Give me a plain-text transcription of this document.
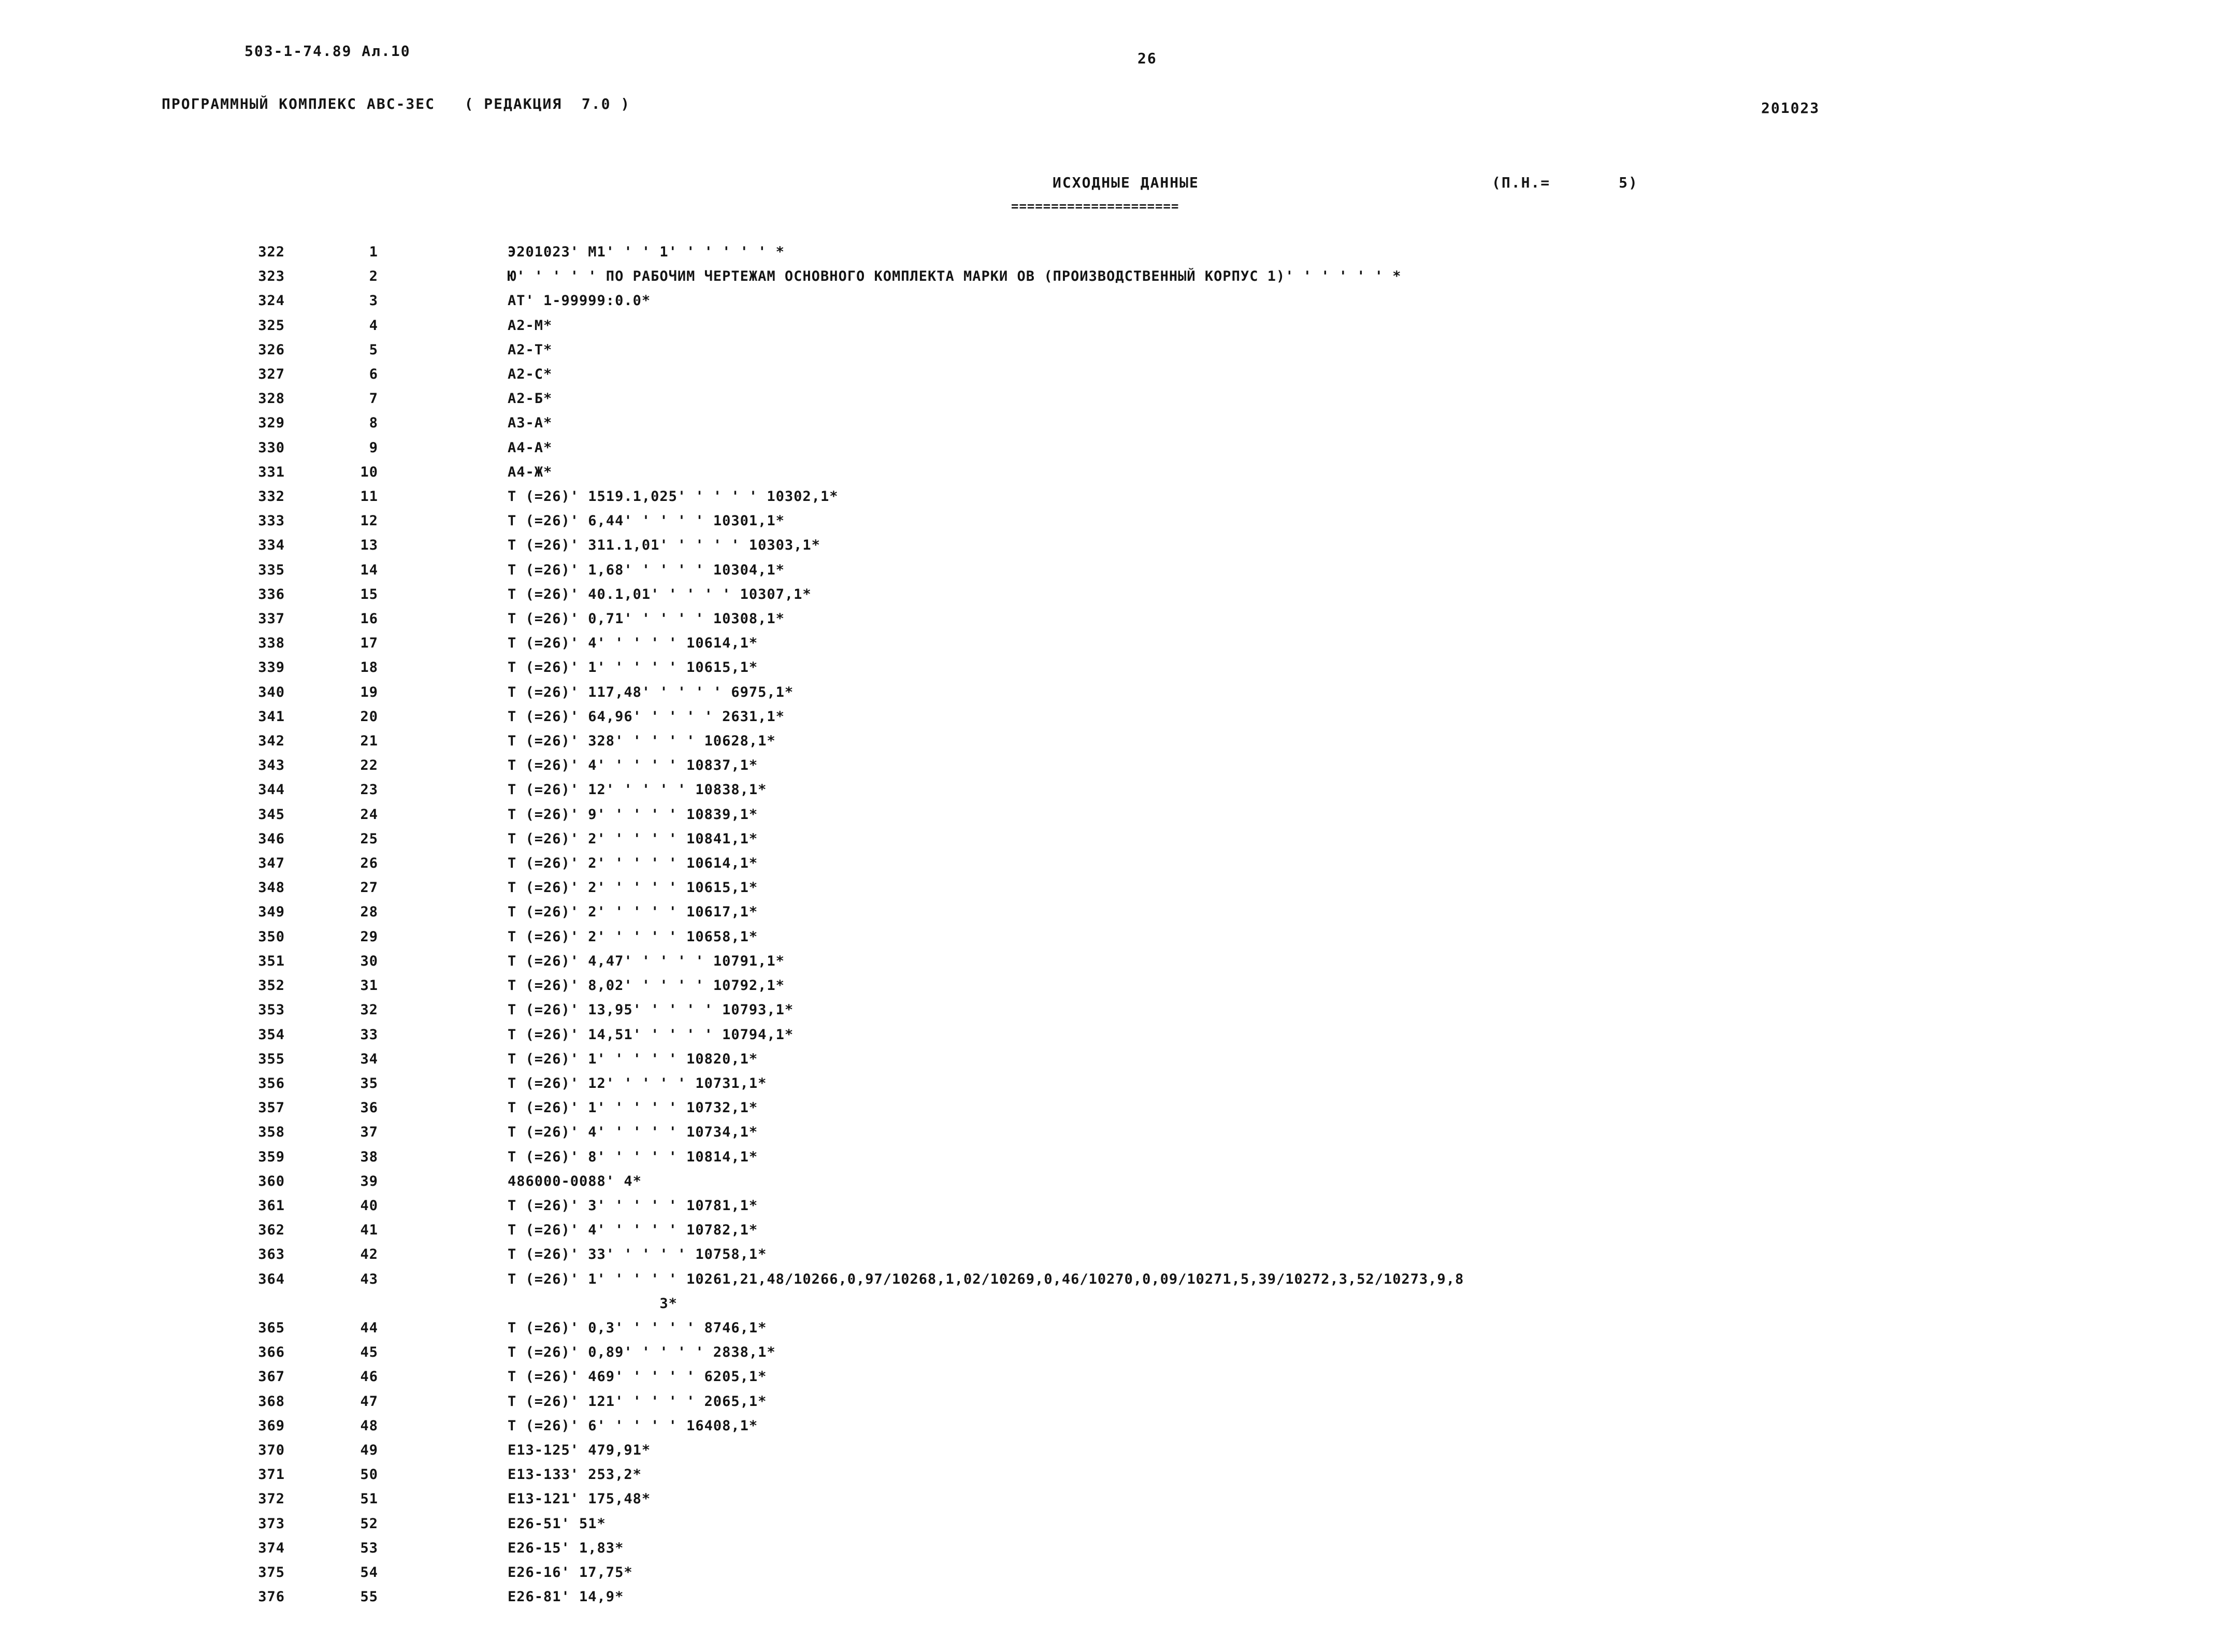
503-1-74.89 Ал.10	26
ПРОГРАММНЫЙ КОМПЛЕКС АВС-ЗЕС   ( РЕДАКЦИЯ  7.0 )	201023
ИСХОДНЫЕ ДАННЫЕ	(П.Н.=       5)
=====================
322	1	Э201023' М1' ' ' 1' ' ' ' ' ' *
323	2	Ю' ' ' ' ' ПО РАБОЧИМ ЧЕРТЕЖАМ ОСНОВНОГО КОМПЛЕКТА МАРКИ ОВ (ПРОИЗВОДСТВЕННЫЙ КОРПУС 1)' ' ' ' ' ' *
324	3	АТ' 1-99999:0.0*
325	4	А2-М*
326	5	А2-Т*
327	6	А2-С*
328	7	А2-Б*
329	8	А3-А*
330	9	А4-А*
331	10	А4-Ж*
332	11	Т (=26)' 1519.1,025' ' ' ' ' 10302,1*
333	12	Т (=26)' 6,44' ' ' ' ' 10301,1*
334	13	Т (=26)' 311.1,01' ' ' ' ' 10303,1*
335	14	Т (=26)' 1,68' ' ' ' ' 10304,1*
336	15	Т (=26)' 40.1,01' ' ' ' ' 10307,1*
337	16	Т (=26)' 0,71' ' ' ' ' 10308,1*
338	17	Т (=26)' 4' ' ' ' ' 10614,1*
339	18	Т (=26)' 1' ' ' ' ' 10615,1*
340	19	Т (=26)' 117,48' ' ' ' ' 6975,1*
341	20	Т (=26)' 64,96' ' ' ' ' 2631,1*
342	21	Т (=26)' 328' ' ' ' ' 10628,1*
343	22	Т (=26)' 4' ' ' ' ' 10837,1*
344	23	Т (=26)' 12' ' ' ' ' 10838,1*
345	24	Т (=26)' 9' ' ' ' ' 10839,1*
346	25	Т (=26)' 2' ' ' ' ' 10841,1*
347	26	Т (=26)' 2' ' ' ' ' 10614,1*
348	27	Т (=26)' 2' ' ' ' ' 10615,1*
349	28	Т (=26)' 2' ' ' ' ' 10617,1*
350	29	Т (=26)' 2' ' ' ' ' 10658,1*
351	30	Т (=26)' 4,47' ' ' ' ' 10791,1*
352	31	Т (=26)' 8,02' ' ' ' ' 10792,1*
353	32	Т (=26)' 13,95' ' ' ' ' 10793,1*
354	33	Т (=26)' 14,51' ' ' ' ' 10794,1*
355	34	Т (=26)' 1' ' ' ' ' 10820,1*
356	35	Т (=26)' 12' ' ' ' ' 10731,1*
357	36	Т (=26)' 1' ' ' ' ' 10732,1*
358	37	Т (=26)' 4' ' ' ' ' 10734,1*
359	38	Т (=26)' 8' ' ' ' ' 10814,1*
360	39	486000-0088' 4*
361	40	Т (=26)' 3' ' ' ' ' 10781,1*
362	41	Т (=26)' 4' ' ' ' ' 10782,1*
363	42	Т (=26)' 33' ' ' ' ' 10758,1*
364	43	Т (=26)' 1' ' ' ' ' 10261,21,48/10266,0,97/10268,1,02/10269,0,46/10270,0,09/10271,5,39/10272,3,52/10273,9,8
3*
365	44	Т (=26)' 0,3' ' ' ' ' 8746,1*
366	45	Т (=26)' 0,89' ' ' ' ' 2838,1*
367	46	Т (=26)' 469' ' ' ' ' 6205,1*
368	47	Т (=26)' 121' ' ' ' ' 2065,1*
369	48	Т (=26)' 6' ' ' ' ' 16408,1*
370	49	Е13-125' 479,91*
371	50	Е13-133' 253,2*
372	51	Е13-121' 175,48*
373	52	Е26-51' 51*
374	53	Е26-15' 1,83*
375	54	Е26-16' 17,75*
376	55	Е26-81' 14,9*
